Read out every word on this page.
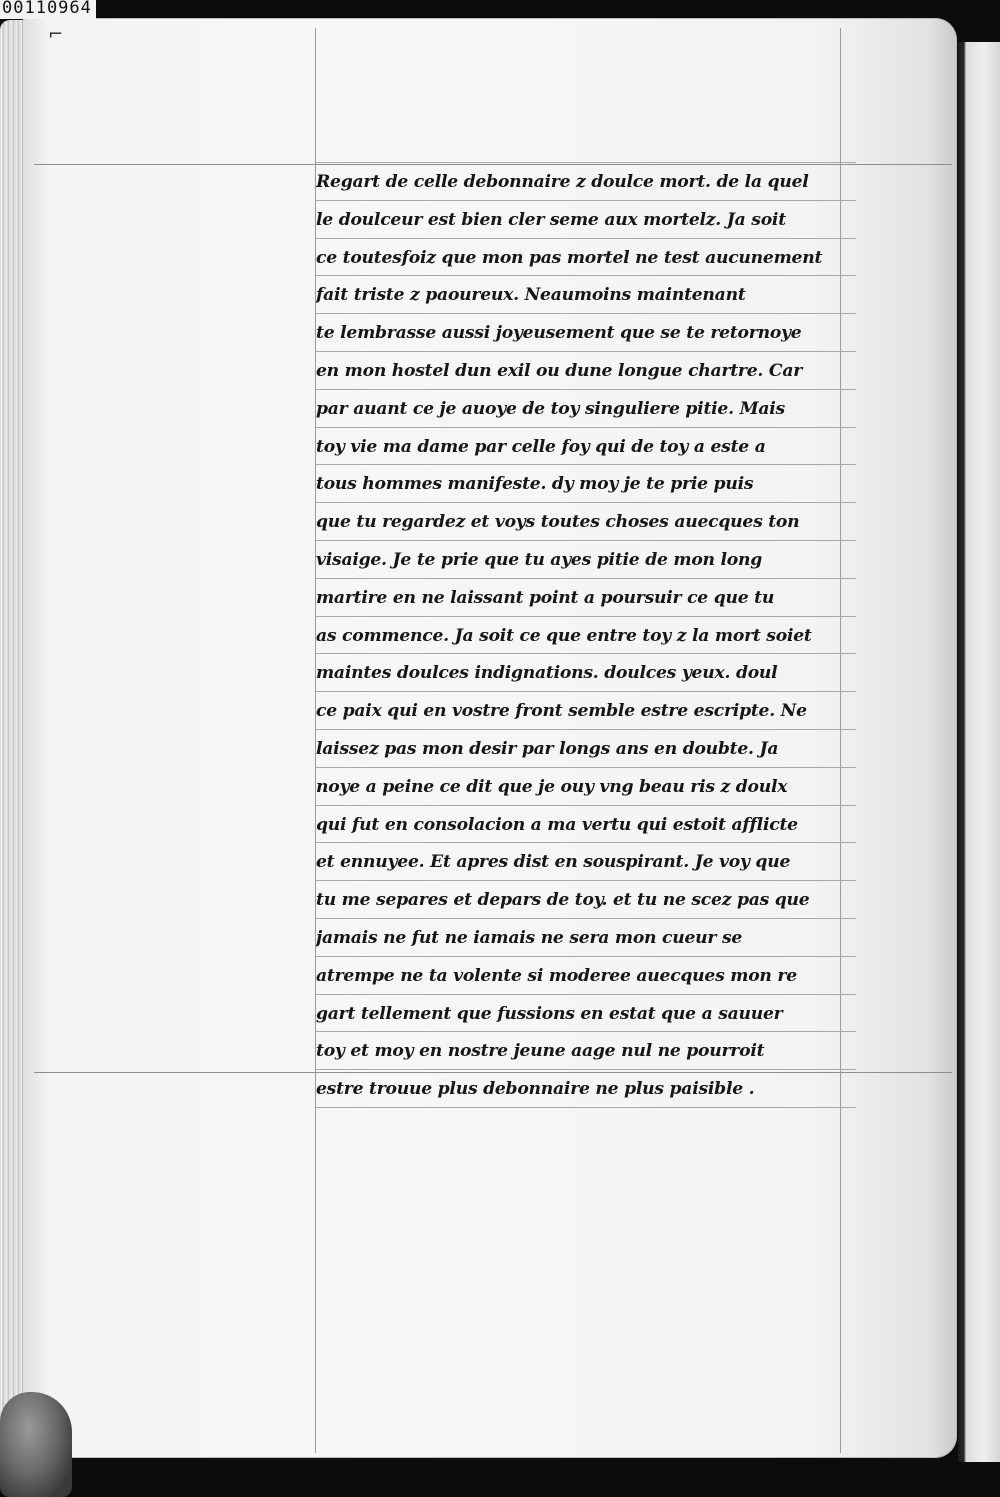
⌐
00110964
Regart de celle debonnaire z doulce mort. de la quel
le doulceur est bien cler seme aux mortelz. Ja soit
ce toutesfoiz que mon pas mortel ne test aucunement
fait triste z paoureux. Neaumoins maintenant
te lembrasse aussi joyeusement que se te retornoye
en mon hostel dun exil ou dune longue chartre. Car
par auant ce je auoye de toy singuliere pitie. Mais
toy vie ma dame par celle foy qui de toy a este a
tous hommes manifeste. dy moy je te prie puis
que tu regardez et voys toutes choses auecques ton
visaige. Je te prie que tu ayes pitie de mon long
martire en ne laissant point a poursuir ce que tu
as commence. Ja soit ce que entre toy z la mort soiet
maintes doulces indignations. doulces yeux. doul
ce paix qui en vostre front semble estre escripte. Ne
laissez pas mon desir par longs ans en doubte. Ja
noye a peine ce dit que je ouy vng beau ris z doulx
qui fut en consolacion a ma vertu qui estoit afflicte
et ennuyee. Et apres dist en souspirant. Je voy que
tu me separes et depars de toy. et tu ne scez pas que
jamais ne fut ne iamais ne sera mon cueur se
atrempe ne ta volente si moderee auecques mon re
gart tellement que fussions en estat que a sauuer
toy et moy en nostre jeune aage nul ne pourroit
estre trouue plus debonnaire ne plus paisible .
